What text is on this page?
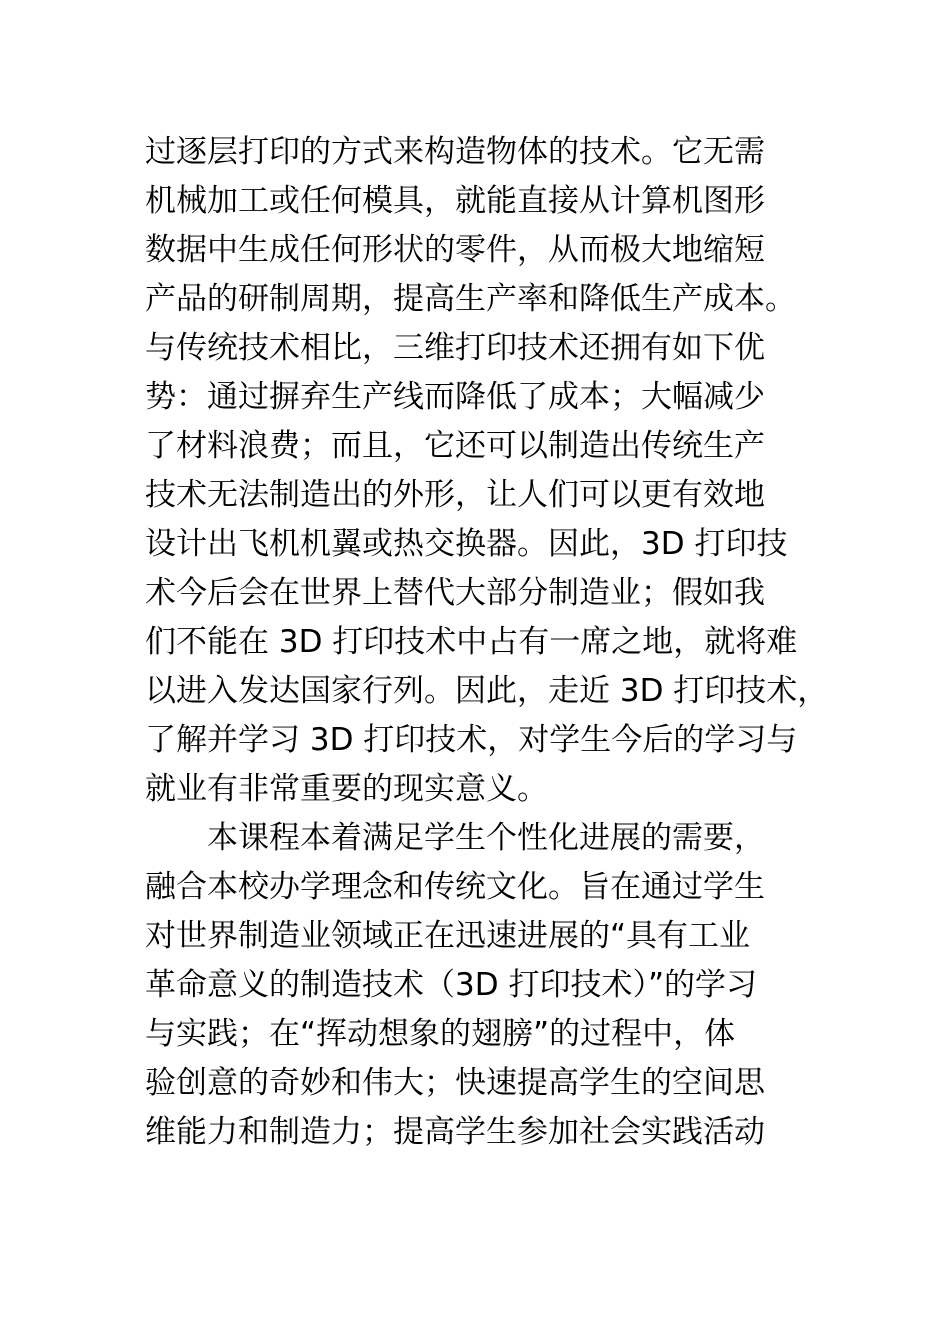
过逐层打印的方式来构造物体的技术。它无需
机械加工或任何模具，就能直接从计算机图形
数据中生成任何形状的零件，从而极大地缩短
产品的研制周期，提高生产率和降低生产成本。
与传统技术相比，三维打印技术还拥有如下优
势：通过摒弃生产线而降低了成本；大幅减少
了材料浪费；而且，它还可以制造出传统生产
技术无法制造出的外形，让人们可以更有效地
设计出飞机机翼或热交换器。因此，3D 打印技
术今后会在世界上替代大部分制造业；假如我
们不能在 3D 打印技术中占有一席之地，就将难
以进入发达国家行列。因此，走近 3D 打印技术，
了解并学习 3D 打印技术，对学生今后的学习与
就业有非常重要的现实意义。
本课程本着满足学生个性化进展的需要，
融合本校办学理念和传统文化。旨在通过学生
对世界制造业领域正在迅速进展的“具有工业
革命意义的制造技术（3D 打印技术）”的学习
与实践；在“挥动想象的翅膀”的过程中，体
验创意的奇妙和伟大；快速提高学生的空间思
维能力和制造力；提高学生参加社会实践活动
